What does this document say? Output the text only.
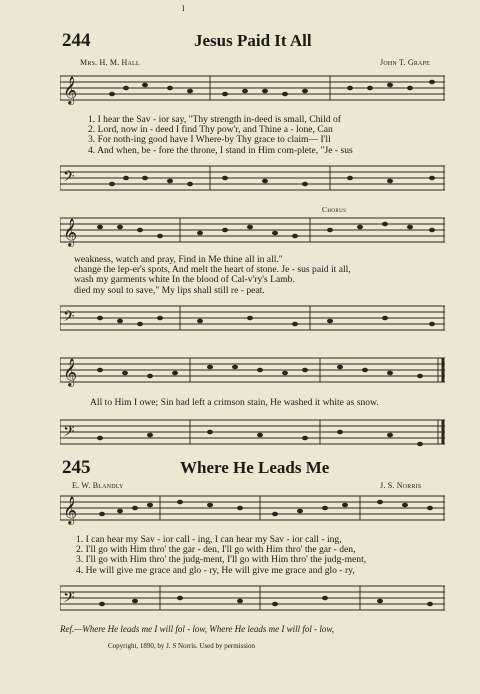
I
244	Jesus Paid It All
Mrs. H. M. Hall	John T. Grape
𝄞
1. I hear the Sav - ior say, "Thy strength in-deed is small, Child of
2. Lord, now in - deed I find Thy pow'r, and Thine a - lone, Can
3. For noth-ing good have I Where-by Thy grace to claim— I'll
4. And when, be - fore the throne, I stand in Him com-plete, "Je - sus
𝄢
Chorus
𝄞
weakness, watch and pray, Find in Me thine all in all."
change the lep-er's spots, And melt the heart of stone. Je - sus paid it all,
wash my garments white In the blood of Cal-v'ry's Lamb.
died my soul to save," My lips shall still re - peat.
𝄢
𝄞
All to Him I owe; Sin had left a crimson stain, He washed it white as snow.
𝄢
245	Where He Leads Me
E. W. Blandly	J. S. Norris
𝄞
1. I can hear my Sav - ior call - ing, I can hear my Sav - ior call - ing,
2. I'll go with Him thro' the gar - den, I'll go with Him thro' the gar - den,
3. I'll go with Him thro' the judg-ment, I'll go with Him thro' the judg-ment,
4. He will give me grace and glo - ry, He will give me grace and glo - ry,
𝄢
Ref.—Where He leads me I will fol - low, Where He leads me I will fol - low,
Copyright, 1890, by J. S Norris. Used by permission
